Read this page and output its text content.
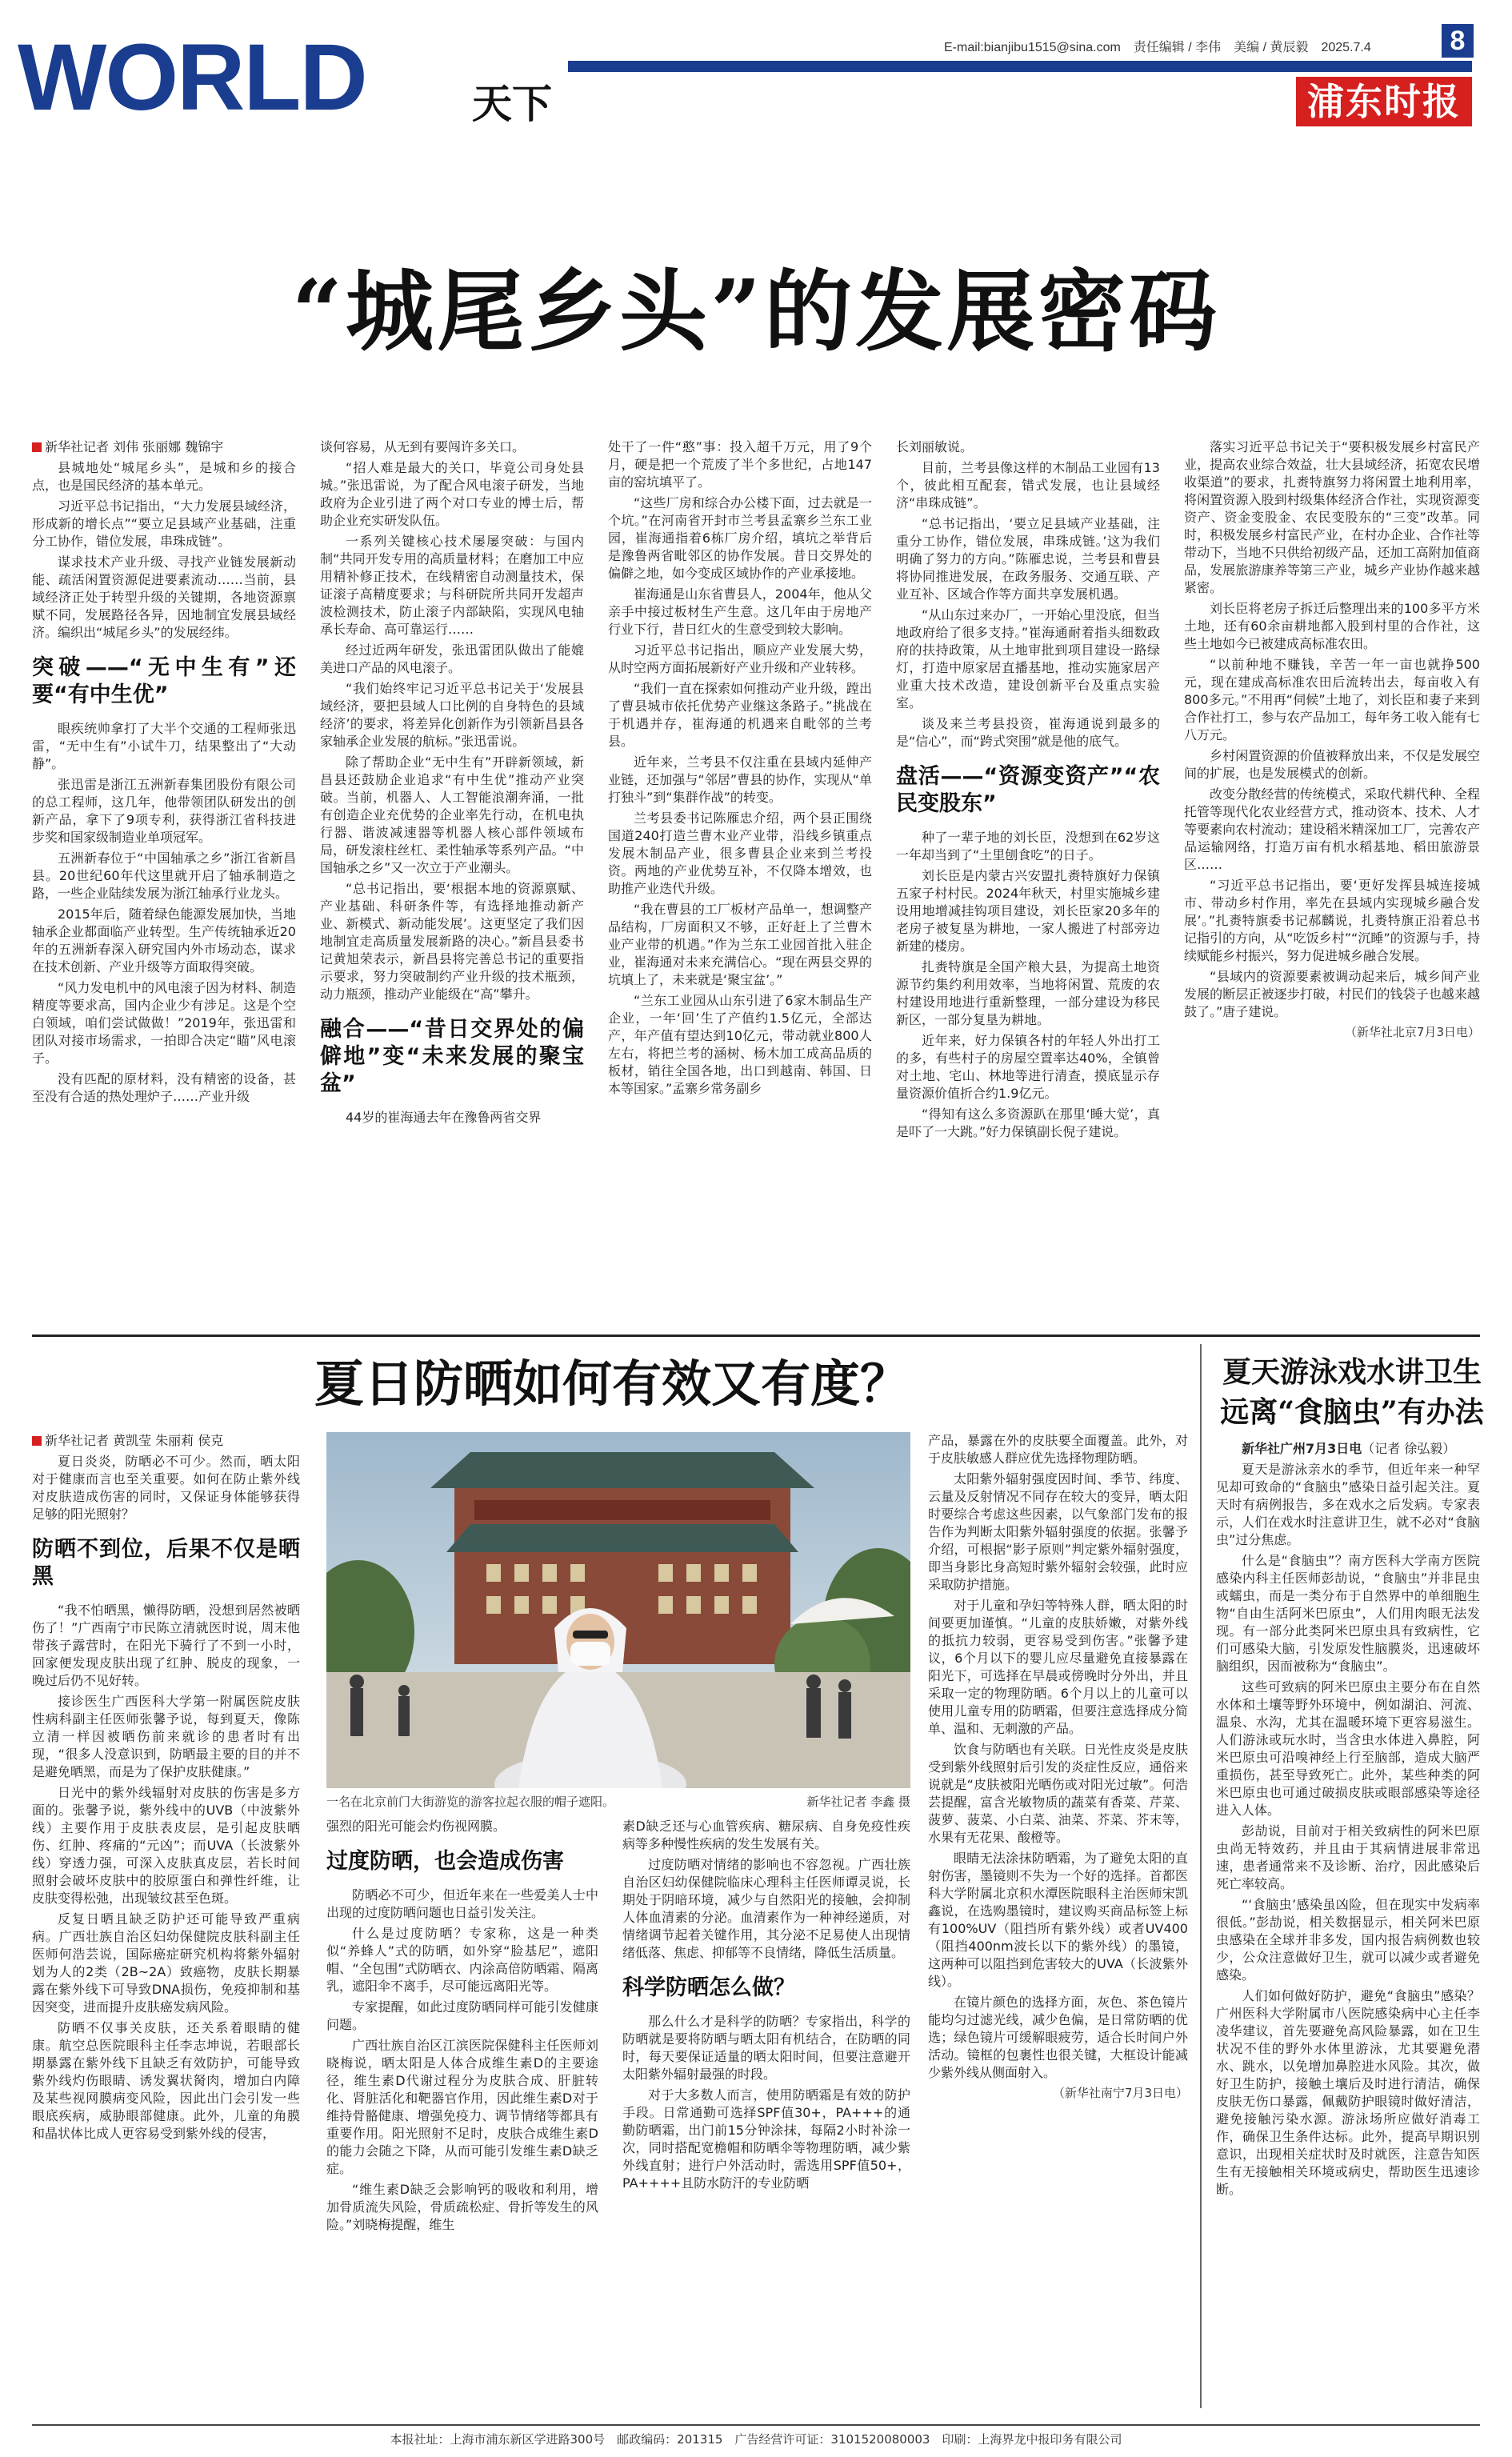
WORLD	天下
E-mail:bianjibu1515@sina.com　责任编辑 / 李伟　美编 / 黄辰毅　2025.7.4	8
浦东时报
“城尾乡头”的发展密码
新华社记者 刘伟 张丽娜 魏锦宇

县城地处“城尾乡头”，是城和乡的接合点，也是国民经济的基本单元。

习近平总书记指出，“大力发展县域经济，形成新的增长点”“要立足县域产业基础，注重分工协作，错位发展，串珠成链”。

谋求技术产业升级、寻找产业链发展新动能、疏活闲置资源促进要素流动……当前，县域经济正处于转型升级的关键期，各地资源禀赋不同，发展路径各异，因地制宜发展县域经济。编织出“城尾乡头”的发展经纬。

突破——“无中生有”还要“有中生优”

眼疾统帅拿打了大半个交通的工程师张迅雷，“无中生有”小试牛刀，结果整出了“大动静”。

张迅雷是浙江五洲新春集团股份有限公司的总工程师，这几年，他带领团队研发出的创新产品，拿下了9项专利，获得浙江省科技进步奖和国家级制造业单项冠军。

五洲新春位于“中国轴承之乡”浙江省新昌县。20世纪60年代这里就开启了轴承制造之路，一些企业陆续发展为浙江轴承行业龙头。

2015年后，随着绿色能源发展加快，当地轴承企业都面临产业转型。生产传统轴承近20年的五洲新春深入研究国内外市场动态，谋求在技术创新、产业升级等方面取得突破。

“风力发电机中的风电滚子因为材料、制造精度等要求高，国内企业少有涉足。这是个空白领域，咱们尝试做做！”2019年，张迅雷和团队对接市场需求，一拍即合决定“瞄”风电滚子。

没有匹配的原材料，没有精密的设备，甚至没有合适的热处理炉子……产业升级

谈何容易，从无到有要闯许多关口。

“招人难是最大的关口，毕竟公司身处县城。”张迅雷说，为了配合风电滚子研发，当地政府为企业引进了两个对口专业的博士后，帮助企业充实研发队伍。

一系列关键核心技术屡屡突破：与国内制“共同开发专用的高质量材料；在磨加工中应用精补修正技术，在线精密自动测量技术，保证滚子高精度要求；与科研院所共同开发超声波检测技术，防止滚子内部缺陷，实现风电轴承长寿命、高可靠运行……

经过近两年研发，张迅雷团队做出了能媲美进口产品的风电滚子。

“我们始终牢记习近平总书记关于‘发展县域经济，要把县域人口比例的自身特色的县域经济’的要求，将差异化创新作为引领新昌县各家轴承企业发展的航标。”张迅雷说。

除了帮助企业“无中生有”开辟新领域，新昌县还鼓励企业追求“有中生优”推动产业突破。当前，机器人、人工智能浪潮奔涌，一批有创造企业充优势的企业率先行动，在机电执行器、谐波减速器等机器人核心部件领域布局，研发滚柱丝杠、柔性轴承等系列产品。“中国轴承之乡”又一次立于产业潮头。

“总书记指出，要‘根据本地的资源禀赋、产业基础、科研条件等，有选择地推动新产业、新模式、新动能发展’。这更坚定了我们因地制宜走高质量发展新路的决心。”新昌县委书记黄旭荣表示，新昌县将完善总书记的重要指示要求，努力突破制约产业升级的技术瓶颈，动力瓶颈，推动产业能级在“高”攀升。

融合——“昔日交界处的偏僻地”变“未来发展的聚宝盆”

44岁的崔海通去年在豫鲁两省交界

处干了一件“憨”事：投入超千万元，用了9个月，硬是把一个荒废了半个多世纪，占地147亩的窑坑填平了。

“这些厂房和综合办公楼下面，过去就是一个坑。”在河南省开封市兰考县孟寨乡兰东工业园，崔海通指着6栋厂房介绍，填坑之举背后是豫鲁两省毗邻区的协作发展。昔日交界处的偏僻之地，如今变成区域协作的产业承接地。

崔海通是山东省曹县人，2004年，他从父亲手中接过板材生产生意。这几年由于房地产行业下行，昔日红火的生意受到较大影响。

习近平总书记指出，顺应产业发展大势，从时空两方面拓展新好产业升级和产业转移。

“我们一直在探索如何推动产业升级，蹚出了曹县城市依托优势产业继这条路子。”挑战在于机遇并存，崔海通的机遇来自毗邻的兰考县。

近年来，兰考县不仅注重在县域内延伸产业链，还加强与“邻居”曹县的协作，实现从“单打独斗”到“集群作战”的转变。

兰考县委书记陈雁忠介绍，两个县正围绕国道240打造兰曹木业产业带，沿线乡镇重点发展木制品产业，很多曹县企业来到兰考投资。两地的产业优势互补，不仅降本增效，也助推产业迭代升级。

“我在曹县的工厂板材产品单一，想调整产品结构，厂房面积又不够，正好赶上了兰曹木业产业带的机遇。”作为兰东工业园首批入驻企业，崔海通对未来充满信心。“现在两县交界的坑填上了，未来就是‘聚宝盆’。”

“兰东工业园从山东引进了6家木制品生产企业，一年‘回’生了产值约1.5亿元，全部达产，年产值有望达到10亿元，带动就业800人左右，将把兰考的涵树、杨木加工成高品质的板材，销往全国各地，出口到越南、韩国、日本等国家。”孟寨乡常务副乡

长刘丽敏说。

目前，兰考县像这样的木制品工业园有13个，彼此相互配套，错式发展，也让县域经济“串珠成链”。

“总书记指出，‘要立足县域产业基础，注重分工协作，错位发展，串珠成链。’这为我们明确了努力的方向。”陈雁忠说，兰考县和曹县将协同推进发展，在政务服务、交通互联、产业互补、区域合作等方面共享发展机遇。

“从山东过来办厂，一开始心里没底，但当地政府给了很多支持。”崔海通耐着指头细数政府的扶持政策，从土地审批到项目建设一路绿灯，打造中原家居直播基地，推动实施家居产业重大技术改造，建设创新平台及重点实验室。

谈及来兰考县投资，崔海通说到最多的是“信心”，而“跨式突围”就是他的底气。

盘活——“资源变资产”“农民变股东”

种了一辈子地的刘长臣，没想到在62岁这一年却当到了“土里刨食吃”的日子。

刘长臣是内蒙古兴安盟扎赉特旗好力保镇五家子村村民。2024年秋天，村里实施城乡建设用地增减挂钩项目建设，刘长臣家20多年的老房子被复垦为耕地，一家人搬进了村部旁边新建的楼房。

扎赉特旗是全国产粮大县，为提高土地资源节约集约利用效率，当地将闲置、荒废的农村建设用地进行重新整理，一部分建设为移民新区，一部分复垦为耕地。

近年来，好力保镇各村的年轻人外出打工的多，有些村子的房屋空置率达40%，全镇曾对土地、宅山、林地等进行清查，摸底显示存量资源价值折合约1.9亿元。

“得知有这么多资源趴在那里‘睡大觉’，真是吓了一大跳。”好力保镇副长倪子建说。

落实习近平总书记关于“要积极发展乡村富民产业，提高农业综合效益，壮大县域经济，拓宽农民增收渠道”的要求，扎赉特旗努力将闲置土地利用率，将闲置资源入股到村级集体经济合作社，实现资源变资产、资金变股金、农民变股东的“三变”改革。同时，积极发展乡村富民产业，在村办企业、合作社等带动下，当地不只供给初级产品，还加工高附加值商品，发展旅游康养等第三产业，城乡产业协作越来越紧密。

刘长臣将老房子拆迁后整理出来的100多平方米土地，还有60余亩耕地都入股到村里的合作社，这些土地如今已被建成高标准农田。

“以前种地不赚钱，辛苦一年一亩也就挣500元，现在建成高标准农田后流转出去，每亩收入有800多元。”不用再“伺候”土地了，刘长臣和妻子来到合作社打工，参与农产品加工，每年务工收入能有七八万元。

乡村闲置资源的价值被释放出来，不仅是发展空间的扩展，也是发展模式的创新。

改变分散经营的传统模式，采取代耕代种、全程托管等现代化农业经营方式，推动资本、技术、人才等要素向农村流动；建设稻米精深加工厂，完善农产品运输网络，打造万亩有机水稻基地、稻田旅游景区……

“习近平总书记指出，要‘更好发挥县城连接城市、带动乡村作用，率先在县域内实现城乡融合发展’。”扎赉特旗委书记郝麟说，扎赉特旗正沿着总书记指引的方向，从“吃饭乡村”“沉睡”的资源与手，持续赋能乡村振兴，努力促进城乡融合发展。

“县域内的资源要素被调动起来后，城乡间产业发展的断层正被逐步打破，村民们的钱袋子也越来越鼓了。”唐子建说。

（新华社北京7月3日电）
夏日防晒如何有效又有度？
新华社记者 黄凯莹 朱丽莉 侯克

夏日炎炎，防晒必不可少。然而，晒太阳对于健康而言也至关重要。如何在防止紫外线对皮肤造成伤害的同时，又保证身体能够获得足够的阳光照射？

防晒不到位，后果不仅是晒黑

“我不怕晒黑，懒得防晒，没想到居然被晒伤了！”广西南宁市民陈立清就医时说，周末他带孩子露营时，在阳光下骑行了不到一小时，回家便发现皮肤出现了红肿、脱皮的现象，一晚过后仍不见好转。

接诊医生广西医科大学第一附属医院皮肤性病科副主任医师张馨予说，每到夏天，像陈立清一样因被晒伤前来就诊的患者时有出现，“很多人没意识到，防晒最主要的目的并不是避免晒黑，而是为了保护皮肤健康。”

日光中的紫外线辐射对皮肤的伤害是多方面的。张馨予说，紫外线中的UVB（中波紫外线）主要作用于皮肤表皮层，是引起皮肤晒伤、红肿、疼痛的“元凶”；而UVA（长波紫外线）穿透力强，可深入皮肤真皮层，若长时间照射会破坏皮肤中的胶原蛋白和弹性纤维，让皮肤变得松弛，出现皱纹甚至色斑。

反复日晒且缺乏防护还可能导致严重病病。广西壮族自治区妇幼保健院皮肤科副主任医师何浩芸说，国际癌症研究机构将紫外辐射划为人的2类（2B~2A）致癌物，皮肤长期暴露在紫外线下可导致DNA损伤，免疫抑制和基因突变，进而提升皮肤癌发病风险。

防晒不仅事关皮肤，还关系着眼睛的健康。航空总医院眼科主任李志坤说，若眼部长期暴露在紫外线下且缺乏有效防护，可能导致紫外线灼伤眼睛、诱发翼状胬肉，增加白内障及某些视网膜病变风险，因此出门会引发一些眼底疾病，威胁眼部健康。此外，儿童的角膜和晶状体比成人更容易受到紫外线的侵害，

一名在北京前门大街游览的游客拉起衣服的帽子遮阳。	新华社记者 李鑫 摄

强烈的阳光可能会灼伤视网膜。

过度防晒，也会造成伤害

防晒必不可少，但近年来在一些爱美人士中出现的过度防晒问题也日益引发关注。

什么是过度防晒？专家称，这是一种类似“养蜂人”式的防晒，如外穿“脸基尼”，遮阳帽、“全包围”式防晒衣、内涂高倍防晒霜、隔离乳，遮阳伞不离手，尽可能远离阳光等。

专家提醒，如此过度防晒同样可能引发健康问题。

广西壮族自治区江滨医院保健科主任医师刘晓梅说，晒太阳是人体合成维生素D的主要途径，维生素D代谢过程分为皮肤合成、肝脏转化、肾脏活化和靶器官作用，因此维生素D对于维持骨骼健康、增强免疫力、调节情绪等都具有重要作用。阳光照射不足时，皮肤合成维生素D的能力会随之下降，从而可能引发维生素D缺乏症。

“维生素D缺乏会影响钙的吸收和利用，增加骨质流失风险，骨质疏松症、骨折等发生的风险。”刘晓梅提醒，维生

素D缺乏还与心血管疾病、糖尿病、自身免疫性疾病等多种慢性疾病的发生发展有关。

过度防晒对情绪的影响也不容忽视。广西壮族自治区妇幼保健院临床心理科主任医师谭灵说，长期处于阴暗环境，减少与自然阳光的接触，会抑制人体血清素的分泌。血清素作为一种神经递质，对情绪调节起着关键作用，其分泌不足易使人出现情绪低落、焦虑、抑郁等不良情绪，降低生活质量。

科学防晒怎么做？

那么什么才是科学的防晒？专家指出，科学的防晒就是要将防晒与晒太阳有机结合，在防晒的同时，每天要保证适量的晒太阳时间，但要注意避开太阳紫外辐射最强的时段。

对于大多数人而言，使用防晒霜是有效的防护手段。日常通勤可选择SPF值30+，PA+++的通勤防晒霜，出门前15分钟涂抹，每隔2小时补涂一次，同时搭配宽檐帽和防晒伞等物理防晒，减少紫外线直射；进行户外活动时，需选用SPF值50+，PA++++且防水防汗的专业防晒

产品，暴露在外的皮肤要全面覆盖。此外，对于皮肤敏感人群应优先选择物理防晒。

太阳紫外辐射强度因时间、季节、纬度、云量及反射情况不同存在较大的变异，晒太阳时要综合考虑这些因素，以气象部门发布的报告作为判断太阳紫外辐射强度的依据。张馨予介绍，可根据“影子原则”判定紫外辐射强度，即当身影比身高短时紫外辐射会较强，此时应采取防护措施。

对于儿童和孕妇等特殊人群，晒太阳的时间要更加谨慎。“儿童的皮肤娇嫩，对紫外线的抵抗力较弱，更容易受到伤害。”张馨予建议，6个月以下的婴儿应尽量避免直接暴露在阳光下，可选择在早晨或傍晚时分外出，并且采取一定的物理防晒。6个月以上的儿童可以使用儿童专用的防晒霜，但要注意选择成分简单、温和、无刺激的产品。

饮食与防晒也有关联。日光性皮炎是皮肤受到紫外线照射后引发的炎症性反应，通俗来说就是“皮肤被阳光晒伤或对阳光过敏”。何浩芸提醒，富含光敏物质的蔬菜有香菜、芹菜、菠萝、菠菜、小白菜、油菜、芥菜、芥末等，水果有无花果、酸橙等。

眼睛无法涂抹防晒霜，为了避免太阳的直射伤害，墨镜则不失为一个好的选择。首都医科大学附属北京积水潭医院眼科主治医师宋凯鑫说，在选购墨镜时，建议购买商品标签上标有100%UV（阻挡所有紫外线）或者UV400（阻挡400nm波长以下的紫外线）的墨镜，这两种可以阻挡到危害较大的UVA（长波紫外线）。

在镜片颜色的选择方面，灰色、茶色镜片能均匀过滤光线，减少色偏，是日常防晒的优选；绿色镜片可缓解眼疲劳，适合长时间户外活动。镜框的包裹性也很关键，大框设计能减少紫外线从侧面射入。

（新华社南宁7月3日电）
夏天游泳戏水讲卫生远离“食脑虫”有办法

新华社广州7月3日电（记者 徐弘毅）

夏天是游泳亲水的季节，但近年来一种罕见却可致命的“食脑虫”感染日益引起关注。夏天时有病例报告，多在戏水之后发病。专家表示，人们在戏水时注意讲卫生，就不必对“食脑虫”过分焦虑。

什么是“食脑虫”？南方医科大学南方医院感染内科主任医师彭劼说，“食脑虫”并非昆虫或蠕虫，而是一类分布于自然界中的单细胞生物“自由生活阿米巴原虫”，人们用肉眼无法发现。有一部分此类阿米巴原虫具有致病性，它们可感染大脑，引发原发性脑膜炎，迅速破坏脑组织，因而被称为“食脑虫”。

这些可致病的阿米巴原虫主要分布在自然水体和土壤等野外环境中，例如湖泊、河流、温泉、水沟，尤其在温暖环境下更容易滋生。人们游泳或玩水时，当含虫水体进入鼻腔，阿米巴原虫可沿嗅神经上行至脑部，造成大脑严重损伤，甚至导致死亡。此外，某些种类的阿米巴原虫也可通过破损皮肤或眼部感染等途径进入人体。

彭劼说，目前对于相关致病性的阿米巴原虫尚无特效药，并且由于其病情进展非常迅速，患者通常来不及诊断、治疗，因此感染后死亡率较高。

“‘食脑虫’感染虽凶险，但在现实中发病率很低。”彭劼说，相关数据显示，相关阿米巴原虫感染在全球并非多发，国内报告病例数也较少，公众注意做好卫生，就可以减少或者避免感染。

人们如何做好防护，避免“食脑虫”感染？广州医科大学附属市八医院感染病中心主任李凌华建议，首先要避免高风险暴露，如在卫生状况不佳的野外水体里游泳，尤其要避免潜水、跳水，以免增加鼻腔进水风险。其次，做好卫生防护，接触土壤后及时进行清洁，确保皮肤无伤口暴露，佩戴防护眼镜时做好清洁，避免接触污染水源。游泳场所应做好消毒工作，确保卫生条件达标。此外，提高早期识别意识，出现相关症状时及时就医，注意告知医生有无接触相关环境或病史，帮助医生迅速诊断。

本报社址：上海市浦东新区学进路300号　邮政编码：201315　广告经营许可证：3101520080003　印刷：上海界龙中报印务有限公司
